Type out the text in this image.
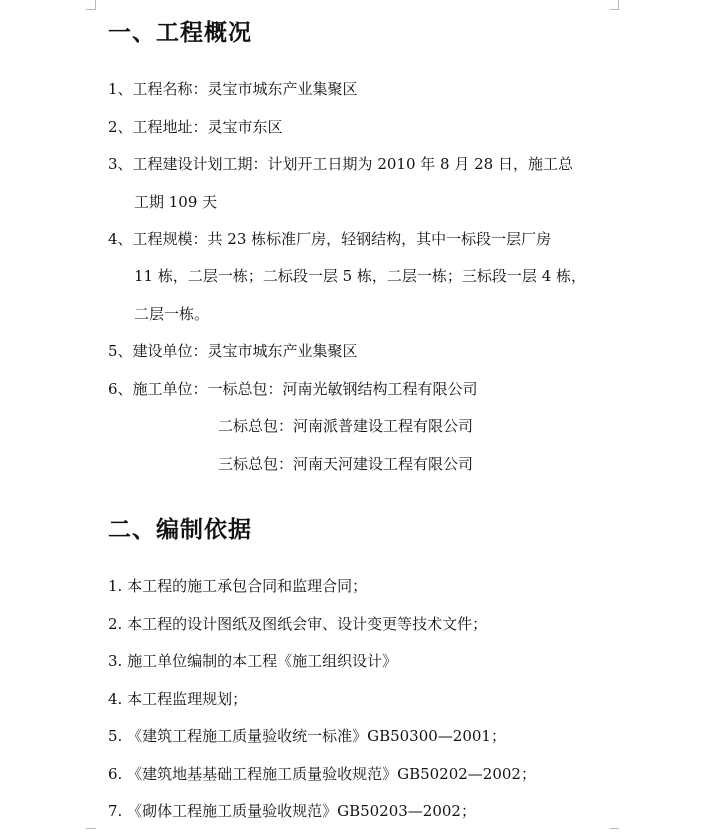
一、工程概况
1、工程名称：灵宝市城东产业集聚区
2、工程地址：灵宝市东区
3、工程建设计划工期：计划开工日期为 2010 年 8 月 28 日，施工总
工期 109 天
4、工程规模：共 23 栋标准厂房，轻钢结构，其中一标段一层厂房
11 栋，二层一栋；二标段一层 5 栋，二层一栋；三标段一层 4 栋，
二层一栋。
5、建设单位：灵宝市城东产业集聚区
6、施工单位：一标总包：河南光敏钢结构工程有限公司
二标总包：河南派普建设工程有限公司
三标总包：河南天河建设工程有限公司
二、编制依据
1. 本工程的施工承包合同和监理合同；
2. 本工程的设计图纸及图纸会审、设计变更等技术文件；
3. 施工单位编制的本工程《施工组织设计》
4. 本工程监理规划；
5. 《建筑工程施工质量验收统一标准》GB50300—2001；
6. 《建筑地基基础工程施工质量验收规范》GB50202—2002；
7. 《砌体工程施工质量验收规范》GB50203—2002；
